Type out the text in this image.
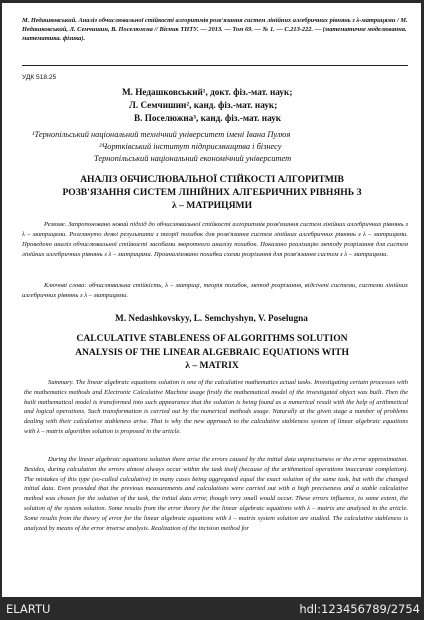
М. Недашковський. Аналіз обчислювальної стійкості алгоритмів розв'язання систем лінійних алгебричних рівнянь з λ-матрицями / М. Недашковський, Л. Семчишин, В. Поселюжна // Вісник ТНТУ. — 2013. — Том 69. — № 1. — С.213-222. — (математичне моделювання. математика. фізика).
УДК 518.25
М. Недашковський¹, докт. фіз.-мат. наук;
Л. Семчишин², канд. фіз.-мат. наук;
В. Поселюжна³, канд. фіз.-мат. наук
¹Тернопільський національний технічний університет імені Івана Пулюя
²Чортківський інститут підприємництва і бізнесу
Тернопільський національний економічний університет
АНАЛІЗ ОБЧИСЛЮВАЛЬНОЇ СТІЙКОСТІ АЛГОРИТМІВ
РОЗВ'ЯЗАННЯ СИСТЕМ ЛІНІЙНИХ АЛГЕБРИЧНИХ РІВНЯНЬ З
λ – МАТРИЦЯМИ
Резюме. Запропоновано новий підхід до обчислювальної стійкості алгоритмів розв'язання систем лінійних алгебричних рівнянь з λ – матрицями. Розглянуто деякі результати з теорії похибок для розв'язання систем лінійних алгебричних рівнянь з λ – матрицями. Проведено аналіз обчислювальної стійкості засобами зворотного аналізу похибок. Показано реалізацію методу розрізання для систем лінійних алгебричних рівнянь з λ – матрицями. Проаналізовано похибки схеми розрізання для розв'язання систем з λ – матрицями.
Ключові слова: обчислювальна стійкість, λ – матриці, теорія похибок, метод розрізання, відсічені системи, системи лінійних алгебричних рівнянь з λ – матрицями.
M. Nedashkovskyy, L. Semchyshyn, V. Poselugna
CALCULATIVE STABLENESS OF ALGORITHMS SOLUTION
ANALYSIS OF THE LINEAR ALGEBRAIC EQUATIONS WITH
λ – MATRIX
Summary. The linear algebraic equations solution is one of the calculative mathematics actual tasks. Investigating certain processes with the mathematics methods and Electronic Calculative Machine usage firstly the mathematical model of the investigated object was built. Then the built mathematical model is transformed into such appearance that the solution is being found as a numerical result with the help of arithmetical and logical operations. Such transformation is carried out by the numerical methods usage. Naturally at the given stage a number of problems dealing with their calculative stableness arise. That is why the new approach to the calculative stableness system of linear algebraic equations with λ – matrix algorithm solution is proposed in the article.
During the linear algebraic equations solution there arise the errors caused by the initial data unpreciseness or the error approximation. Besides, during calculation the errors almost always occur within the task itself (because of the arithmetical operations inaccurate completion). The mistakes of this type (so-called calculative) in many cases being aggregated equal the exact solution of the same task, but with the changed initial data. Even provided that the previous measurements and calculations were carried out with a high preciseness and a stable calculative method was chosen for the solution of the task, the initial data error, though very small would occur. These errors influence, to some extent, the solution of the system solution. Some results from the error theory for the linear algebraic equations with λ – matrix are analysed in the article. Some results from the theory of error for the linear algebraic equations with λ – matrix system solution are studied. The calculative stableness is analyzed by means of the error inverse analysis. Realization of the incision method for
ELARTU	hdl:123456789/2754
